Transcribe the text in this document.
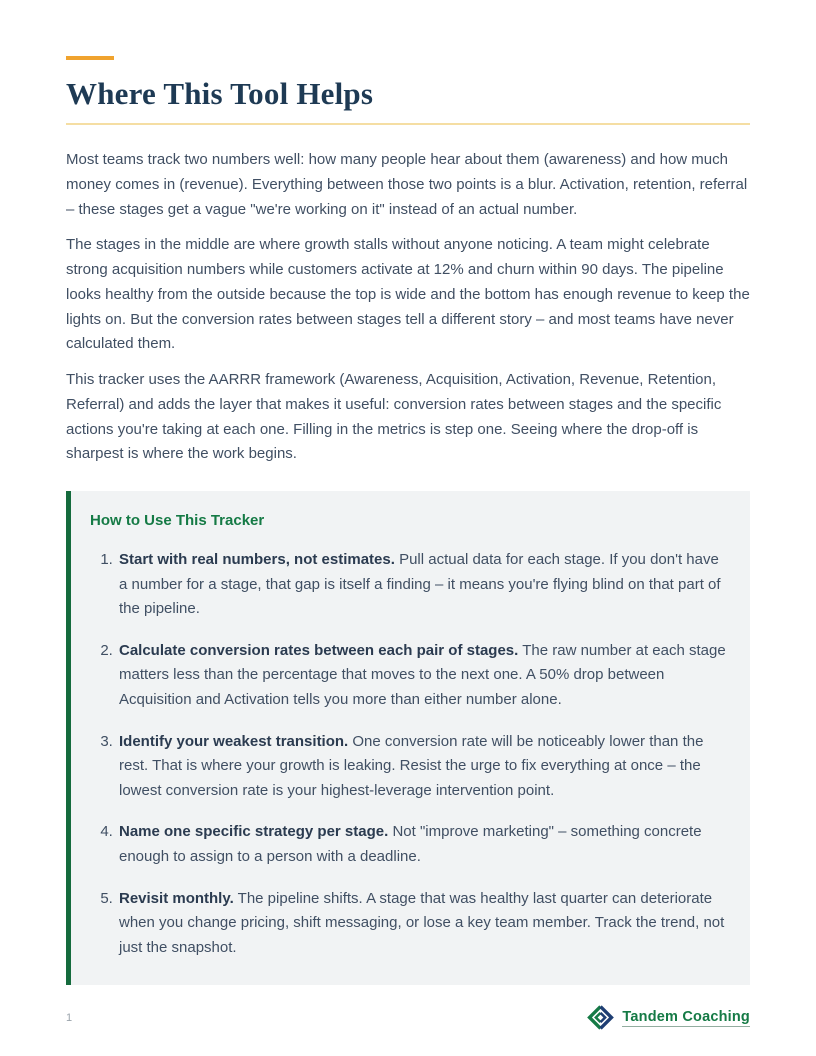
Where This Tool Helps

Most teams track two numbers well: how many people hear about them (awareness) and how much money comes in (revenue). Everything between those two points is a blur. Activation, retention, referral – these stages get a vague "we're working on it" instead of an actual number.

The stages in the middle are where growth stalls without anyone noticing. A team might celebrate strong acquisition numbers while customers activate at 12% and churn within 90 days. The pipeline looks healthy from the outside because the top is wide and the bottom has enough revenue to keep the lights on. But the conversion rates between stages tell a different story – and most teams have never calculated them.

This tracker uses the AARRR framework (Awareness, Acquisition, Activation, Revenue, Retention, Referral) and adds the layer that makes it useful: conversion rates between stages and the specific actions you're taking at each one. Filling in the metrics is step one. Seeing where the drop-off is sharpest is where the work begins.

How to Use This Tracker

1. Start with real numbers, not estimates. Pull actual data for each stage. If you don't have a number for a stage, that gap is itself a finding – it means you're flying blind on that part of the pipeline.
2. Calculate conversion rates between each pair of stages. The raw number at each stage matters less than the percentage that moves to the next one. A 50% drop between Acquisition and Activation tells you more than either number alone.
3. Identify your weakest transition. One conversion rate will be noticeably lower than the rest. That is where your growth is leaking. Resist the urge to fix everything at once – the lowest conversion rate is your highest-leverage intervention point.
4. Name one specific strategy per stage. Not "improve marketing" – something concrete enough to assign to a person with a deadline.
5. Revisit monthly. The pipeline shifts. A stage that was healthy last quarter can deteriorate when you change pricing, shift messaging, or lose a key team member. Track the trend, not just the snapshot.
1	Tandem Coaching
